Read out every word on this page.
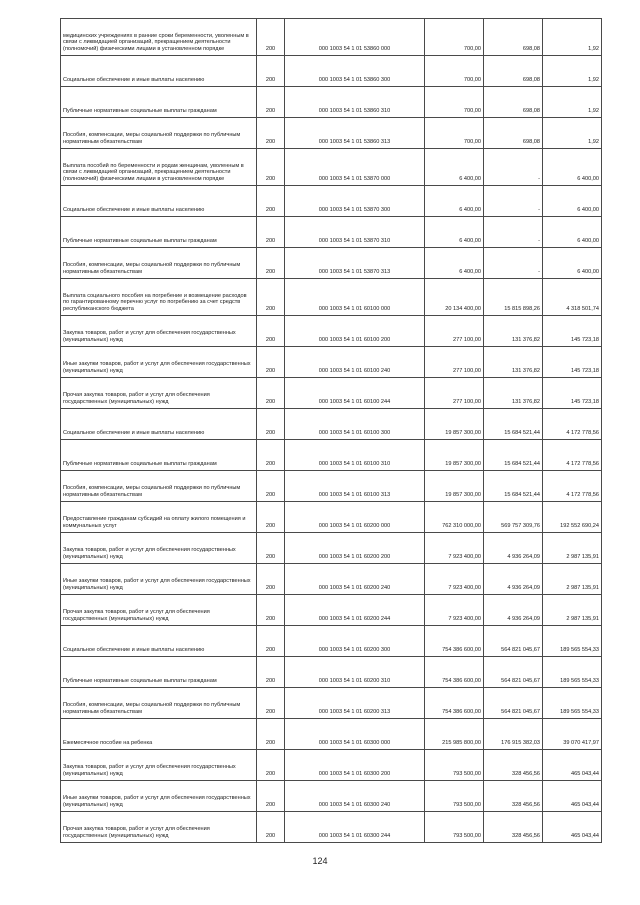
медицинских учреждениях в ранние сроки беременности, уволенным в связи с ликвидацией организаций, прекращением деятельности (полномочий) физическими лицами в установленном порядке	200	000 1003 54 1 01 53860 000	700,00	698,08	1,92
Социальное обеспечение и иные выплаты населению	200	000 1003 54 1 01 53860 300	700,00	698,08	1,92
Публичные нормативные социальные выплаты гражданам	200	000 1003 54 1 01 53860 310	700,00	698,08	1,92
Пособия, компенсации, меры социальной поддержки по публичным нормативным обязательствам	200	000 1003 54 1 01 53860 313	700,00	698,08	1,92
Выплата пособий по беременности и родам женщинам, уволенным в связи с ликвидацией организаций, прекращением деятельности (полномочий) физическими лицами в установленном порядке	200	000 1003 54 1 01 53870 000	6 400,00	-	6 400,00
Социальное обеспечение и иные выплаты населению	200	000 1003 54 1 01 53870 300	6 400,00	-	6 400,00
Публичные нормативные социальные выплаты гражданам	200	000 1003 54 1 01 53870 310	6 400,00	-	6 400,00
Пособия, компенсации, меры социальной поддержки по публичным нормативным обязательствам	200	000 1003 54 1 01 53870 313	6 400,00	-	6 400,00
Выплата социального пособия на погребение и возмещение расходов по гарантированному перечню услуг по погребению за счет средств республиканского бюджета	200	000 1003 54 1 01 60100 000	20 134 400,00	15 815 898,26	4 318 501,74
Закупка товаров, работ и услуг для обеспечения государственных (муниципальных) нужд	200	000 1003 54 1 01 60100 200	277 100,00	131 376,82	145 723,18
Иные закупки товаров, работ и услуг для обеспечения государственных (муниципальных) нужд	200	000 1003 54 1 01 60100 240	277 100,00	131 376,82	145 723,18
Прочая закупка товаров, работ и услуг для обеспечения государственных (муниципальных) нужд	200	000 1003 54 1 01 60100 244	277 100,00	131 376,82	145 723,18
Социальное обеспечение и иные выплаты населению	200	000 1003 54 1 01 60100 300	19 857 300,00	15 684 521,44	4 172 778,56
Публичные нормативные социальные выплаты гражданам	200	000 1003 54 1 01 60100 310	19 857 300,00	15 684 521,44	4 172 778,56
Пособия, компенсации, меры социальной поддержки по публичным нормативным обязательствам	200	000 1003 54 1 01 60100 313	19 857 300,00	15 684 521,44	4 172 778,56
Предоставление гражданам субсидий на оплату жилого помещения и коммунальных услуг	200	000 1003 54 1 01 60200 000	762 310 000,00	569 757 309,76	192 552 690,24
Закупка товаров, работ и услуг для обеспечения государственных (муниципальных) нужд	200	000 1003 54 1 01 60200 200	7 923 400,00	4 936 264,09	2 987 135,91
Иные закупки товаров, работ и услуг для обеспечения государственных (муниципальных) нужд	200	000 1003 54 1 01 60200 240	7 923 400,00	4 936 264,09	2 987 135,91
Прочая закупка товаров, работ и услуг для обеспечения государственных (муниципальных) нужд	200	000 1003 54 1 01 60200 244	7 923 400,00	4 936 264,09	2 987 135,91
Социальное обеспечение и иные выплаты населению	200	000 1003 54 1 01 60200 300	754 386 600,00	564 821 045,67	189 565 554,33
Публичные нормативные социальные выплаты гражданам	200	000 1003 54 1 01 60200 310	754 386 600,00	564 821 045,67	189 565 554,33
Пособия, компенсации, меры социальной поддержки по публичным нормативным обязательствам	200	000 1003 54 1 01 60200 313	754 386 600,00	564 821 045,67	189 565 554,33
Ежемесячное пособие на ребенка	200	000 1003 54 1 01 60300 000	215 985 800,00	176 915 382,03	39 070 417,97
Закупка товаров, работ и услуг для обеспечения государственных (муниципальных) нужд	200	000 1003 54 1 01 60300 200	793 500,00	328 456,56	465 043,44
Иные закупки товаров, работ и услуг для обеспечения государственных (муниципальных) нужд	200	000 1003 54 1 01 60300 240	793 500,00	328 456,56	465 043,44
Прочая закупка товаров, работ и услуг для обеспечения государственных (муниципальных) нужд	200	000 1003 54 1 01 60300 244	793 500,00	328 456,56	465 043,44
124
